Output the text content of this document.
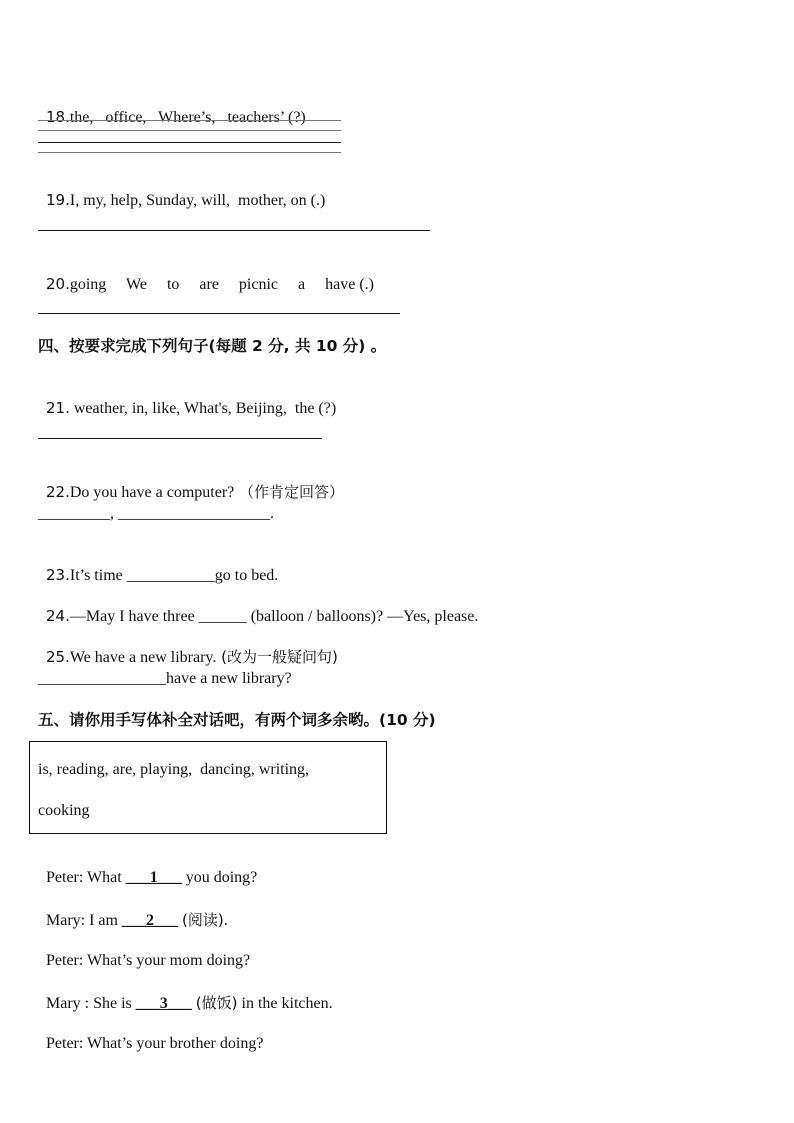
18.the,   office,   Where’s,   teachers’ (?)

19.I, my, help, Sunday, will,  mother, on (.)

20.going     We     to     are     picnic     a     have (.)

四、按要求完成下列句子(每题 2 分, 共 10 分) 。

21. weather, in, like, What's, Beijing,  the (?)

22.Do you have a computer? （作肯定回答）

_________, ___________________.

23.It’s time ___________go to bed.

24.—May I have three ______ (balloon / balloons)? —Yes, please.

25.We have a new library. (改为一般疑问句)

________________have a new library?
五、请你用手写体补全对话吧，有两个词多余哟。(10 分)
is, reading, are, playing,  dancing, writing,
cooking

Peter: What ___1___ you doing?

Mary: I am ___2___ (阅读).

Peter: What’s your mom doing?

Mary : She is ___3___ (做饭) in the kitchen.

Peter: What’s your brother doing?
